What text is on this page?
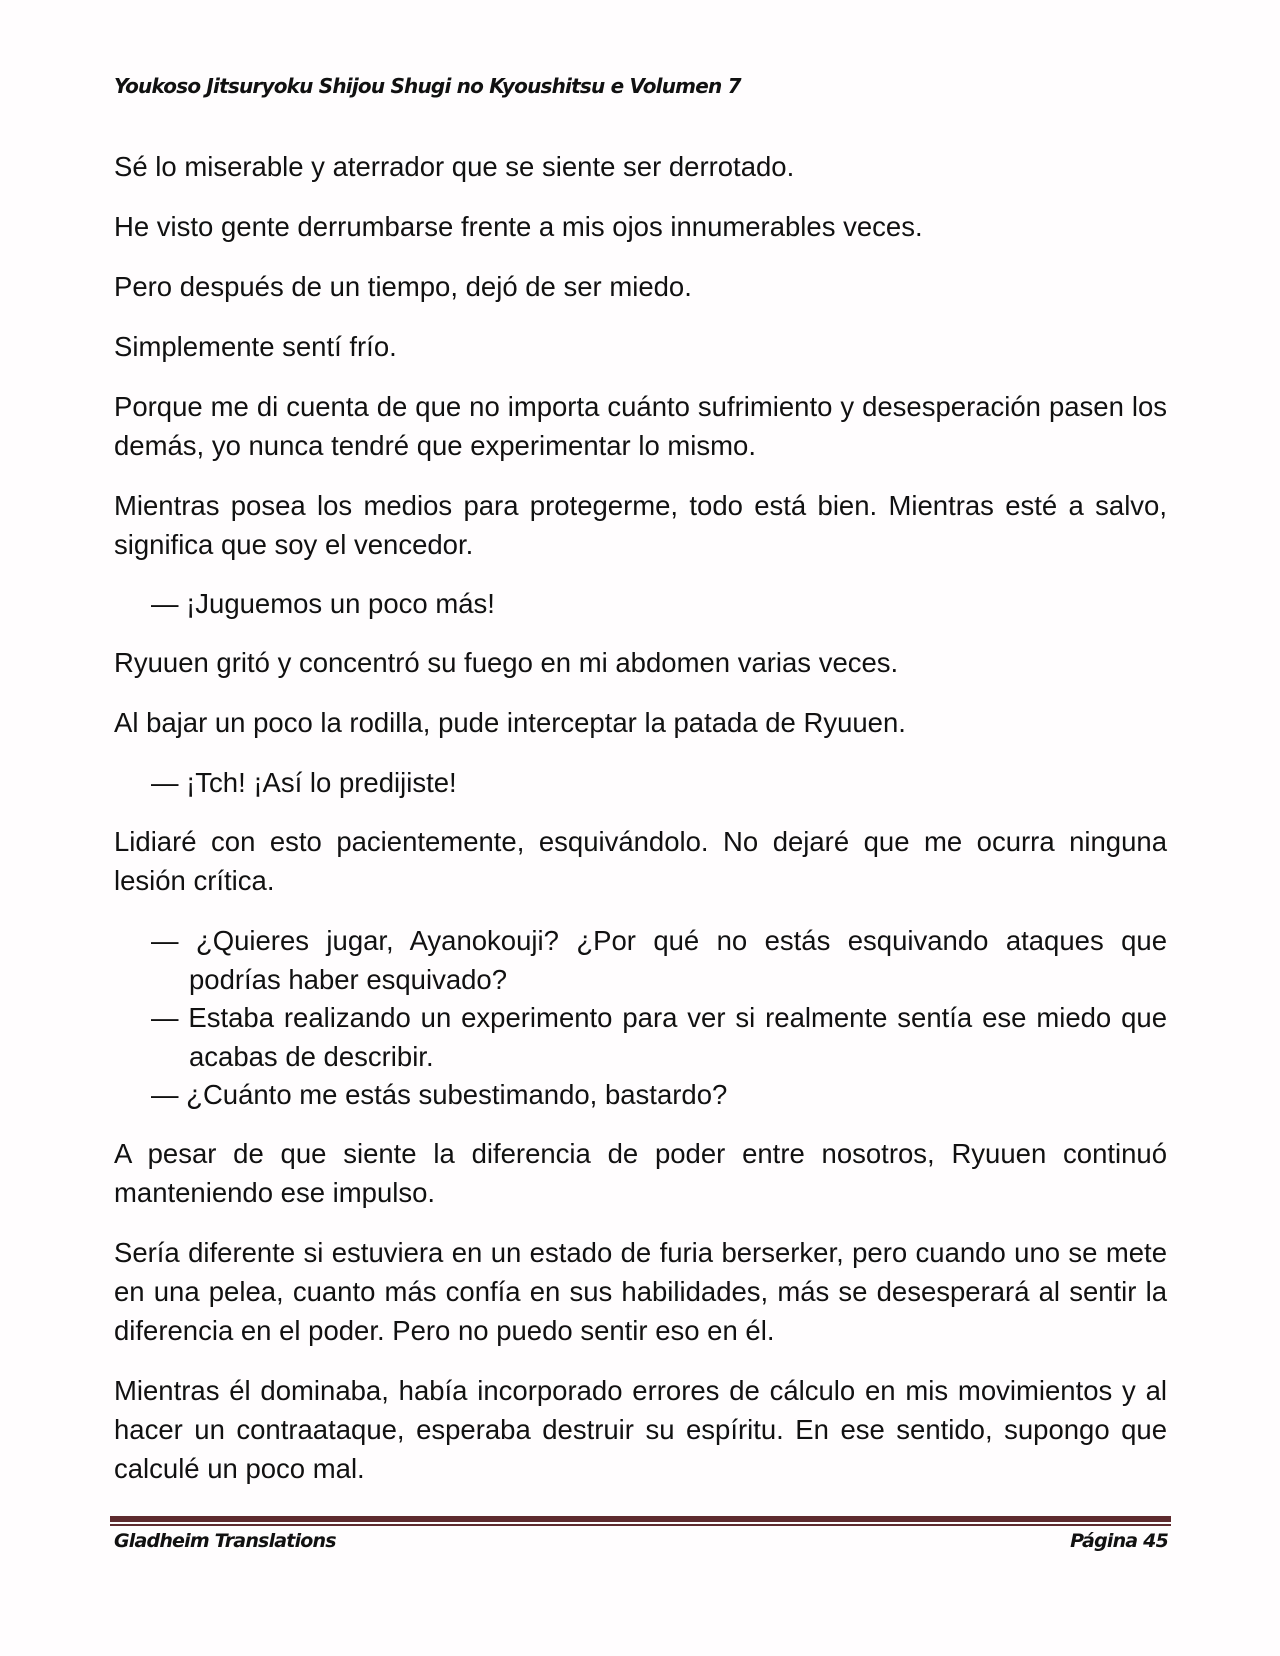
Youkoso Jitsuryoku Shijou Shugi no Kyoushitsu e Volumen 7
Sé lo miserable y aterrador que se siente ser derrotado.
He visto gente derrumbarse frente a mis ojos innumerables veces.
Pero después de un tiempo, dejó de ser miedo.
Simplemente sentí frío.
Porque me di cuenta de que no importa cuánto sufrimiento y desesperación pasen los demás, yo nunca tendré que experimentar lo mismo.
Mientras posea los medios para protegerme, todo está bien. Mientras esté a salvo, significa que soy el vencedor.
— ¡Juguemos un poco más!
Ryuuen gritó y concentró su fuego en mi abdomen varias veces.
Al bajar un poco la rodilla, pude interceptar la patada de Ryuuen.
— ¡Tch! ¡Así lo predijiste!
Lidiaré con esto pacientemente, esquivándolo. No dejaré que me ocurra ninguna lesión crítica.
— ¿Quieres jugar, Ayanokouji? ¿Por qué no estás esquivando ataques que podrías haber esquivado?
— Estaba realizando un experimento para ver si realmente sentía ese miedo que acabas de describir.
— ¿Cuánto me estás subestimando, bastardo?
A pesar de que siente la diferencia de poder entre nosotros, Ryuuen continuó manteniendo ese impulso.
Sería diferente si estuviera en un estado de furia berserker, pero cuando uno se mete en una pelea, cuanto más confía en sus habilidades, más se desesperará al sentir la diferencia en el poder. Pero no puedo sentir eso en él.
Mientras él dominaba, había incorporado errores de cálculo en mis movimientos y al hacer un contraataque, esperaba destruir su espíritu. En ese sentido, supongo que calculé un poco mal.
Gladheim Translations	Página 45
